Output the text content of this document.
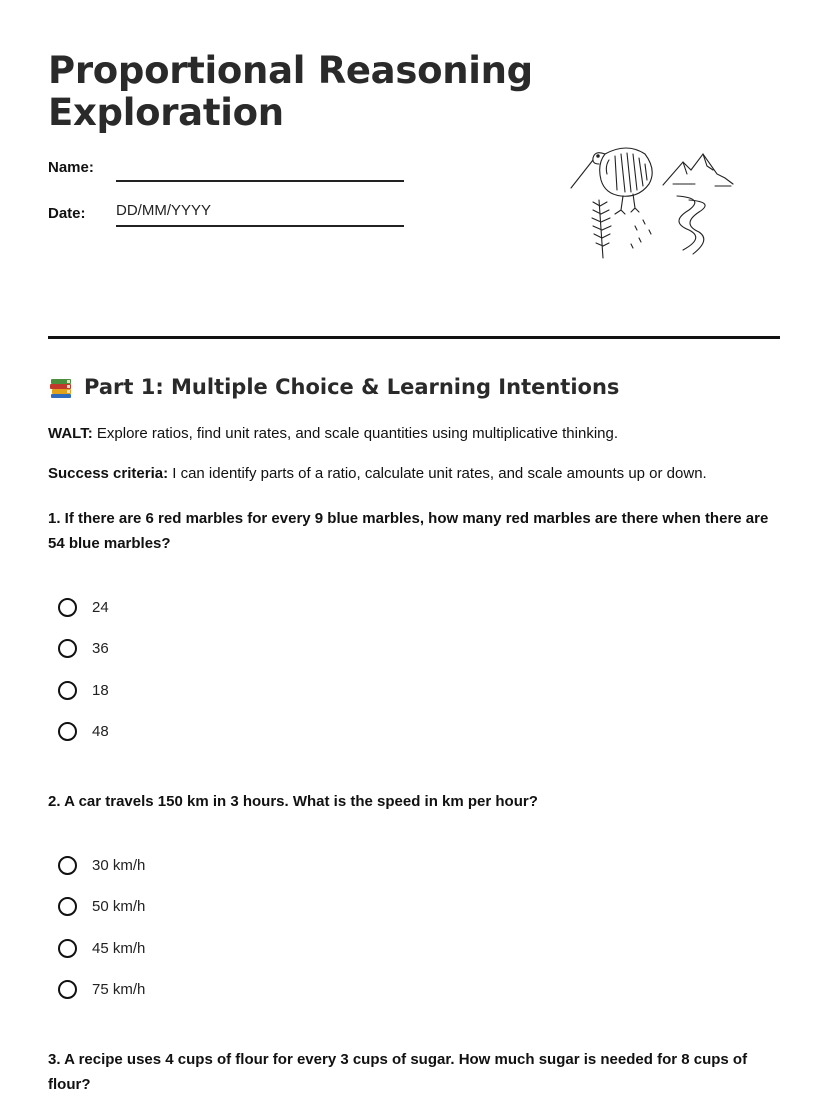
Proportional Reasoning
Exploration
Name:
Date: DD/MM/YYYY
Part 1: Multiple Choice & Learning Intentions

WALT: Explore ratios, find unit rates, and scale quantities using multiplicative thinking.

Success criteria: I can identify parts of a ratio, calculate unit rates, and scale amounts up or down.

1. If there are 6 red marbles for every 9 blue marbles, how many red marbles are there when there are 54 blue marbles?

24
36
18
48

2. A car travels 150 km in 3 hours. What is the speed in km per hour?

30 km/h
50 km/h
45 km/h
75 km/h

3. A recipe uses 4 cups of flour for every 3 cups of sugar. How much sugar is needed for 8 cups of flour?
